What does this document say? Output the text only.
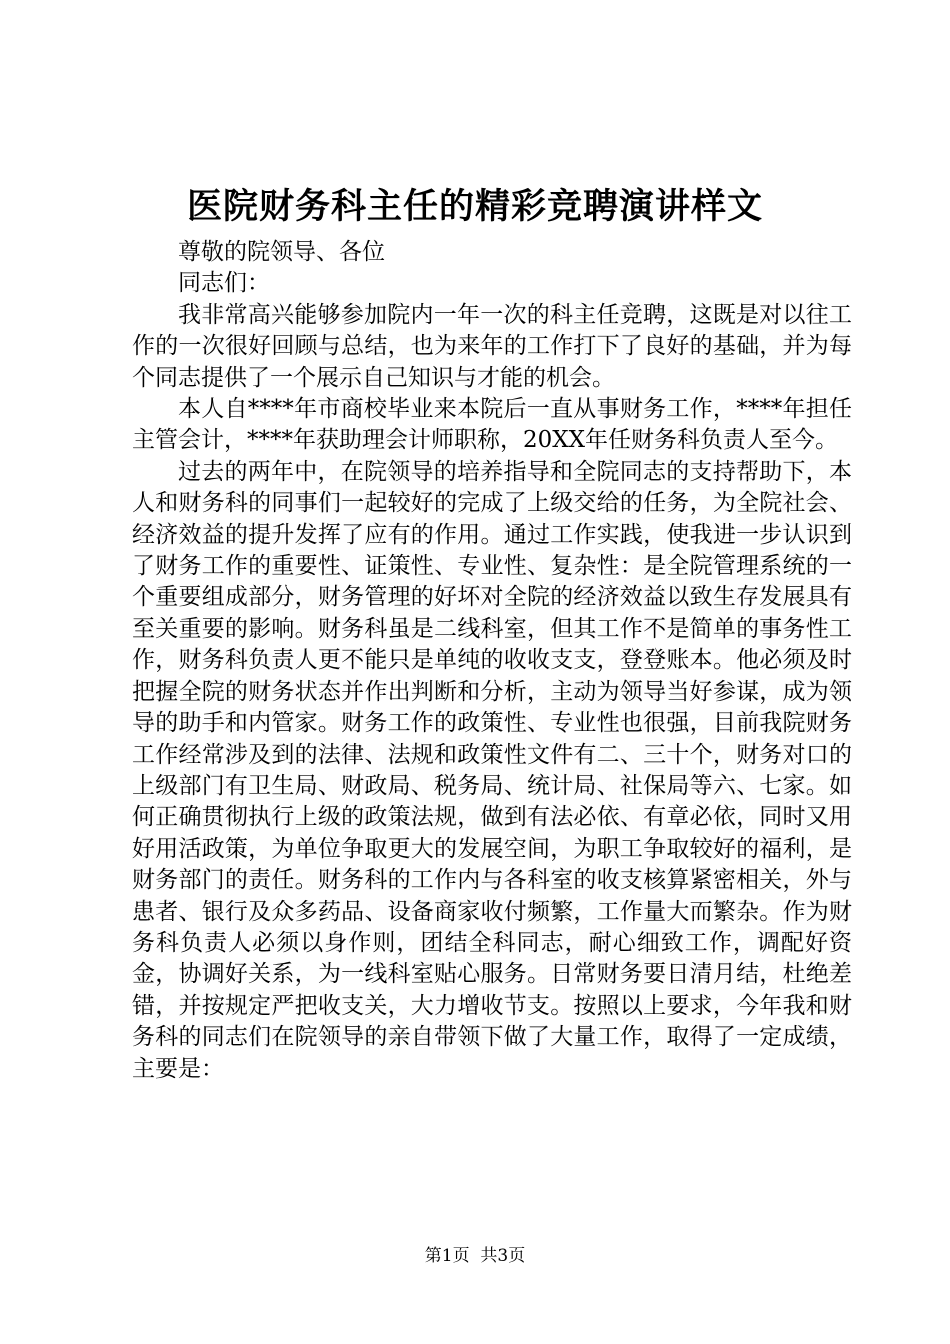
医院财务科主任的精彩竞聘演讲样文

尊敬的院领导、各位

同志们：

我非常高兴能够参加院内一年一次的科主任竞聘，这既是对以往工作的一次很好回顾与总结，也为来年的工作打下了良好的基础，并为每个同志提供了一个展示自己知识与才能的机会。

本人自****年市商校毕业来本院后一直从事财务工作，****年担任主管会计，****年获助理会计师职称，20XX年任财务科负责人至今。

过去的两年中，在院领导的培养指导和全院同志的支持帮助下，本人和财务科的同事们一起较好的完成了上级交给的任务，为全院社会、经济效益的提升发挥了应有的作用。通过工作实践，使我进一步认识到了财务工作的重要性、证策性、专业性、复杂性：是全院管理系统的一个重要组成部分，财务管理的好坏对全院的经济效益以致生存发展具有至关重要的影响。财务科虽是二线科室，但其工作不是简单的事务性工作，财务科负责人更不能只是单纯的收收支支，登登账本。他必须及时把握全院的财务状态并作出判断和分析，主动为领导当好参谋，成为领导的助手和内管家。财务工作的政策性、专业性也很强，目前我院财务工作经常涉及到的法律、法规和政策性文件有二、三十个，财务对口的上级部门有卫生局、财政局、税务局、统计局、社保局等六、七家。如何正确贯彻执行上级的政策法规，做到有法必依、有章必依，同时又用好用活政策，为单位争取更大的发展空间，为职工争取较好的福利，是财务部门的责任。财务科的工作内与各科室的收支核算紧密相关，外与患者、银行及众多药品、设备商家收付频繁，工作量大而繁杂。作为财务科负责人必须以身作则，团结全科同志，耐心细致工作，调配好资金，协调好关系，为一线科室贴心服务。日常财务要日清月结，杜绝差错，并按规定严把收支关，大力增收节支。按照以上要求，今年我和财务科的同志们在院领导的亲自带领下做了大量工作，取得了一定成绩，主要是：

第1页 共3页
